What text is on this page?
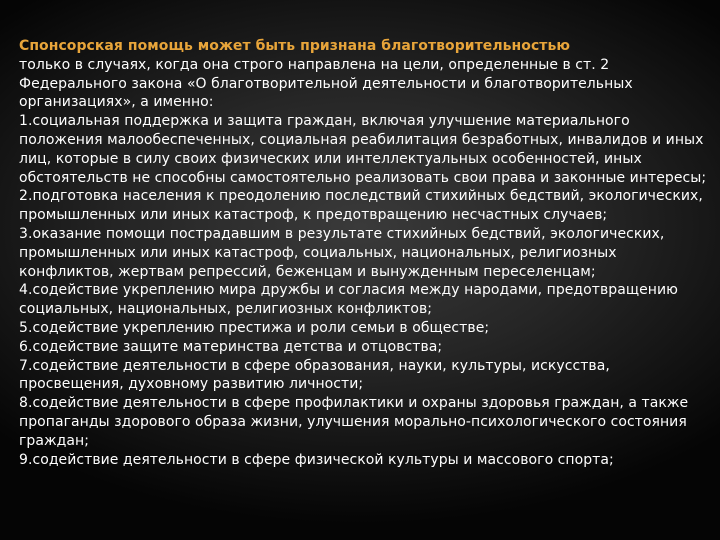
Спонсорская помощь может быть признана благотворительностью
только в случаях, когда она строго направлена на цели, определенные в ст. 2 Федерального закона «О благотворительной деятельности и благотворительных организациях», а именно:
1.социальная поддержка и защита граждан, включая улучшение материального положения малообеспеченных, социальная реабилитация безработных, инвалидов и иных лиц, которые в силу своих физических или интеллектуальных особенностей, иных обстоятельств не способны самостоятельно реализовать свои права и законные интересы;
2.подготовка населения к преодолению последствий стихийных бедствий, экологических, промышленных или иных катастроф, к предотвращению несчастных случаев;
3.оказание помощи пострадавшим в результате стихийных бедствий, экологических, промышленных или иных катастроф, социальных, национальных, религиозных конфликтов, жертвам репрессий, беженцам и вынужденным переселенцам;
4.содействие укреплению мира дружбы и согласия между народами, предотвращению социальных, национальных, религиозных конфликтов;
5.содействие укреплению престижа и роли семьи в обществе;
6.содействие защите материнства детства и отцовства;
7.содействие деятельности в сфере образования, науки, культуры, искусства, просвещения, духовному развитию личности;
8.содействие деятельности в сфере профилактики и охраны здоровья граждан, а также пропаганды здорового образа жизни, улучшения морально-психологического состояния граждан;
9.содействие деятельности в сфере физической культуры и массового спорта;
